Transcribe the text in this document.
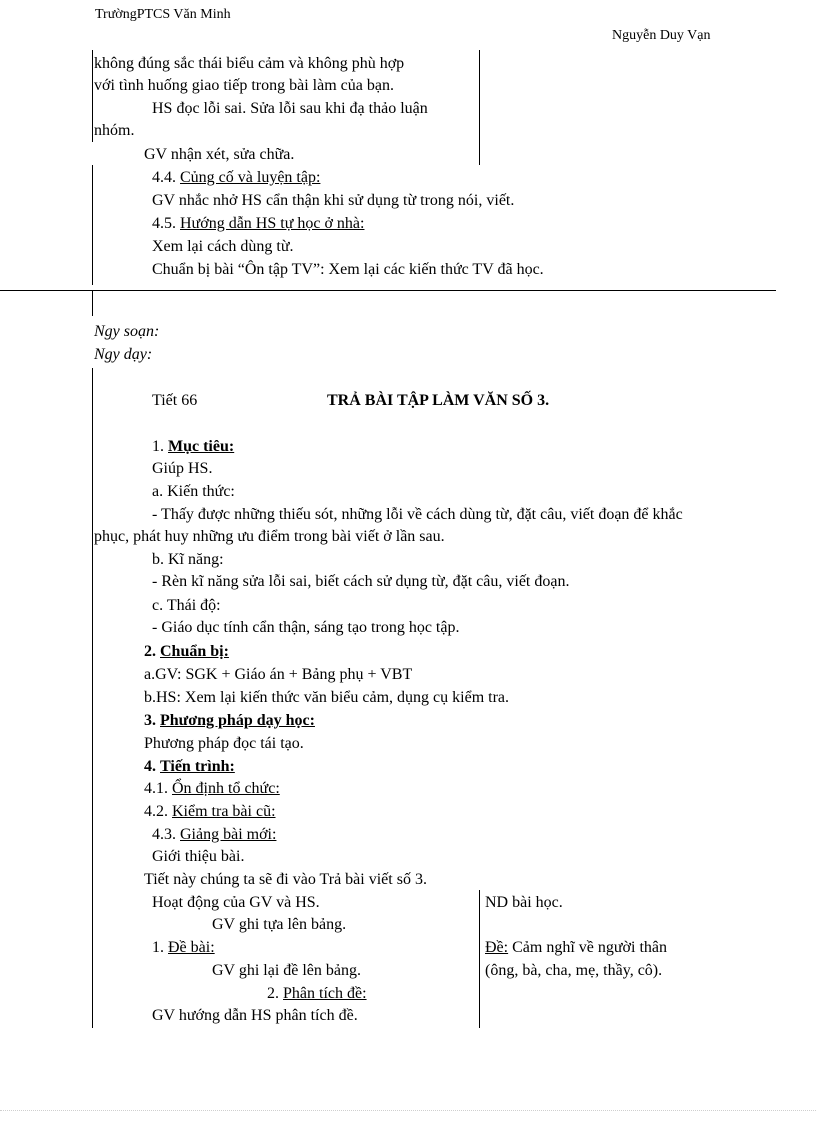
TrườngPTCS Văn Minh
Nguyễn Duy Vạn
không đúng sắc thái biểu cảm và không phù hợp
với tình huống giao tiếp trong bài làm của bạn.
HS đọc lỗi sai. Sửa lỗi sau khi đạ thảo luận
nhóm.
GV nhận xét, sửa chữa.
4.4. Củng cố và luyện tập:
GV nhắc nhở HS cẩn thận khi sử dụng từ trong nói, viết.
4.5. Hướng dẫn HS tự học ở nhà:
Xem lại cách dùng từ.
Chuẩn bị bài “Ôn tập TV”: Xem lại các kiến thức TV đã học.
Ngy soạn:
Ngy dạy:
Tiết 66	TRẢ BÀI TẬP LÀM VĂN SỐ 3.
1. Mục tiêu:
Giúp HS.
a. Kiến thức:
- Thấy được những thiếu sót, những lỗi về cách dùng từ, đặt câu, viết đoạn để khắc
phục, phát huy những ưu điểm trong bài viết ở lần sau.
b. Kĩ năng:
- Rèn kĩ năng sửa lỗi sai, biết cách sử dụng từ, đặt câu, viết đoạn.
c. Thái độ:
- Giáo dục tính cẩn thận, sáng tạo trong học tập.
2. Chuẩn bị:
a.GV: SGK + Giáo án + Bảng phụ + VBT
b.HS: Xem lại kiến thức văn biểu cảm, dụng cụ kiểm tra.
3. Phương pháp dạy học:
Phương pháp đọc tái tạo.
4. Tiến trình:
4.1. Ổn định tổ chức:
4.2. Kiểm tra bài cũ:
4.3. Giảng bài mới:
Giới thiệu bài.
Tiết này chúng ta sẽ đi vào Trả bài viết số 3.
Hoạt động của GV và HS.	ND bài học.
GV ghi tựa lên bảng.
1. Đề bài:	Đề: Cảm nghĩ về người thân
GV ghi lại đề lên bảng.	(ông, bà, cha, mẹ, thầy, cô).
2. Phân tích đề:
GV hướng dẫn HS phân tích đề.
